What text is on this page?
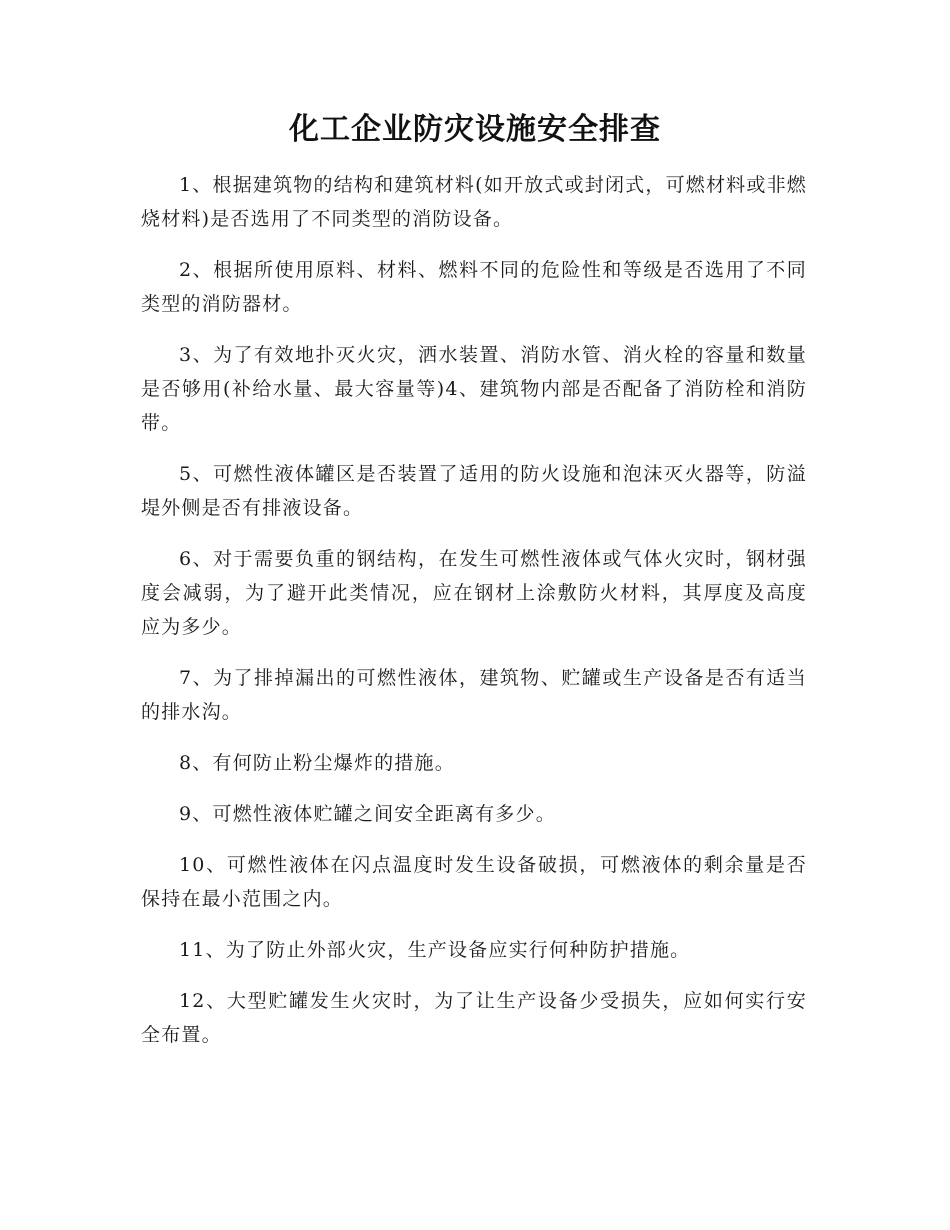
化工企业防灾设施安全排查

1、根据建筑物的结构和建筑材料(如开放式或封闭式，可燃材料或非燃烧材料)是否选用了不同类型的消防设备。

2、根据所使用原料、材料、燃料不同的危险性和等级是否选用了不同类型的消防器材。

3、为了有效地扑灭火灾，洒水装置、消防水管、消火栓的容量和数量是否够用(补给水量、最大容量等)4、建筑物内部是否配备了消防栓和消防带。

5、可燃性液体罐区是否装置了适用的防火设施和泡沫灭火器等，防溢堤外侧是否有排液设备。

6、对于需要负重的钢结构，在发生可燃性液体或气体火灾时，钢材强度会减弱，为了避开此类情况，应在钢材上涂敷防火材料，其厚度及高度应为多少。

7、为了排掉漏出的可燃性液体，建筑物、贮罐或生产设备是否有适当的排水沟。

8、有何防止粉尘爆炸的措施。

9、可燃性液体贮罐之间安全距离有多少。

10、可燃性液体在闪点温度时发生设备破损，可燃液体的剩余量是否保持在最小范围之内。

11、为了防止外部火灾，生产设备应实行何种防护措施。

12、大型贮罐发生火灾时，为了让生产设备少受损失，应如何实行安全布置。
